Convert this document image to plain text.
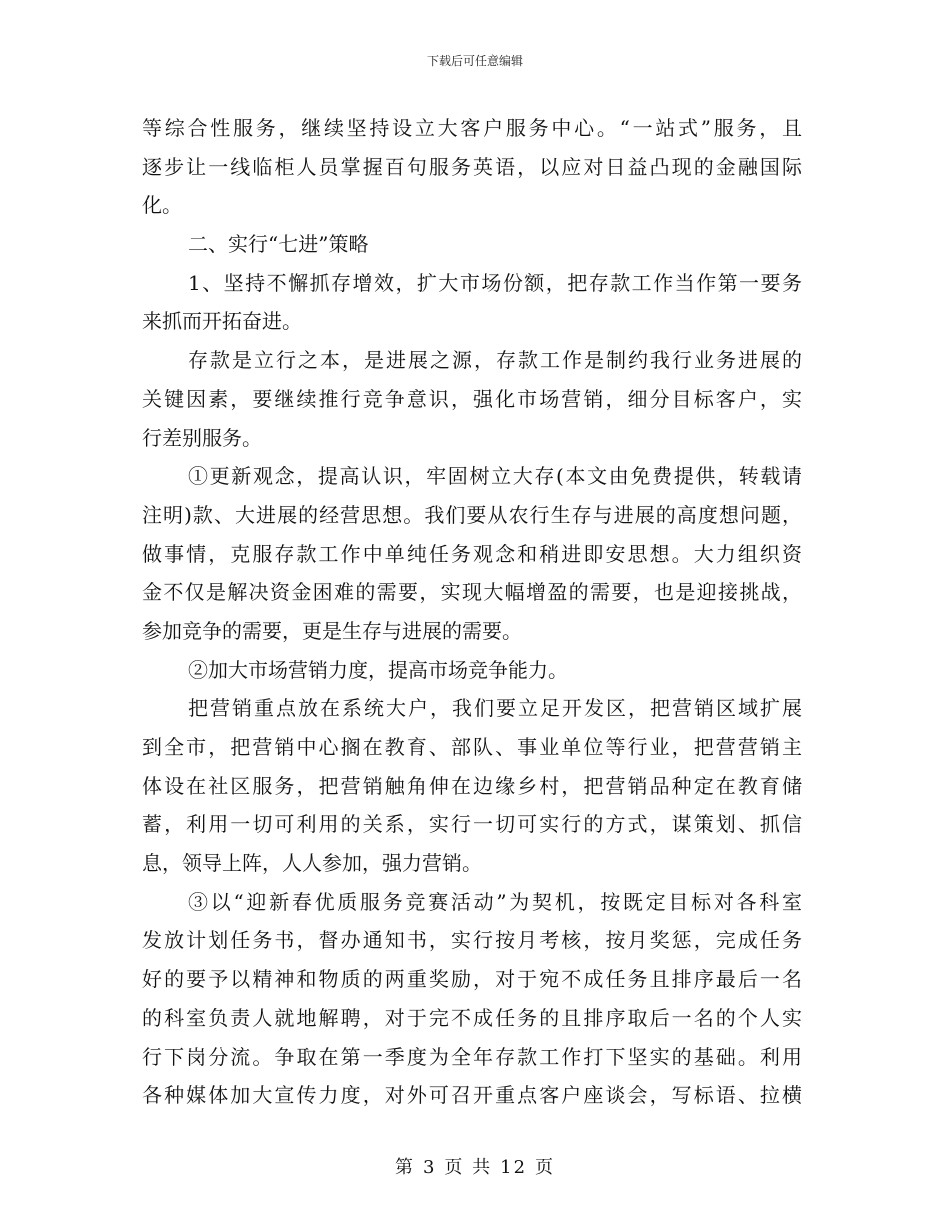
下载后可任意编辑
等综合性服务，继续坚持设立大客户服务中心。“一站式”服务，且
逐步让一线临柜人员掌握百句服务英语，以应对日益凸现的金融国际
化。
二、实行“七进”策略
1、坚持不懈抓存增效，扩大市场份额，把存款工作当作第一要务
来抓而开拓奋进。
存款是立行之本，是进展之源，存款工作是制约我行业务进展的
关键因素，要继续推行竞争意识，强化市场营销，细分目标客户，实
行差别服务。
①更新观念，提高认识，牢固树立大存(本文由免费提供，转载请
注明)款、大进展的经营思想。我们要从农行生存与进展的高度想问题，
做事情，克服存款工作中单纯任务观念和稍进即安思想。大力组织资
金不仅是解决资金困难的需要，实现大幅增盈的需要，也是迎接挑战，
参加竞争的需要，更是生存与进展的需要。
②加大市场营销力度，提高市场竞争能力。
把营销重点放在系统大户，我们要立足开发区，把营销区域扩展
到全市，把营销中心搁在教育、部队、事业单位等行业，把营营销主
体设在社区服务，把营销触角伸在边缘乡村，把营销品种定在教育储
蓄，利用一切可利用的关系，实行一切可实行的方式，谋策划、抓信
息，领导上阵，人人参加，强力营销。
③以“迎新春优质服务竞赛活动”为契机，按既定目标对各科室
发放计划任务书，督办通知书，实行按月考核，按月奖惩，完成任务
好的要予以精神和物质的两重奖励，对于宛不成任务且排序最后一名
的科室负责人就地解聘，对于完不成任务的且排序取后一名的个人实
行下岗分流。争取在第一季度为全年存款工作打下坚实的基础。利用
各种媒体加大宣传力度，对外可召开重点客户座谈会，写标语、拉横
第 3 页 共 12 页
